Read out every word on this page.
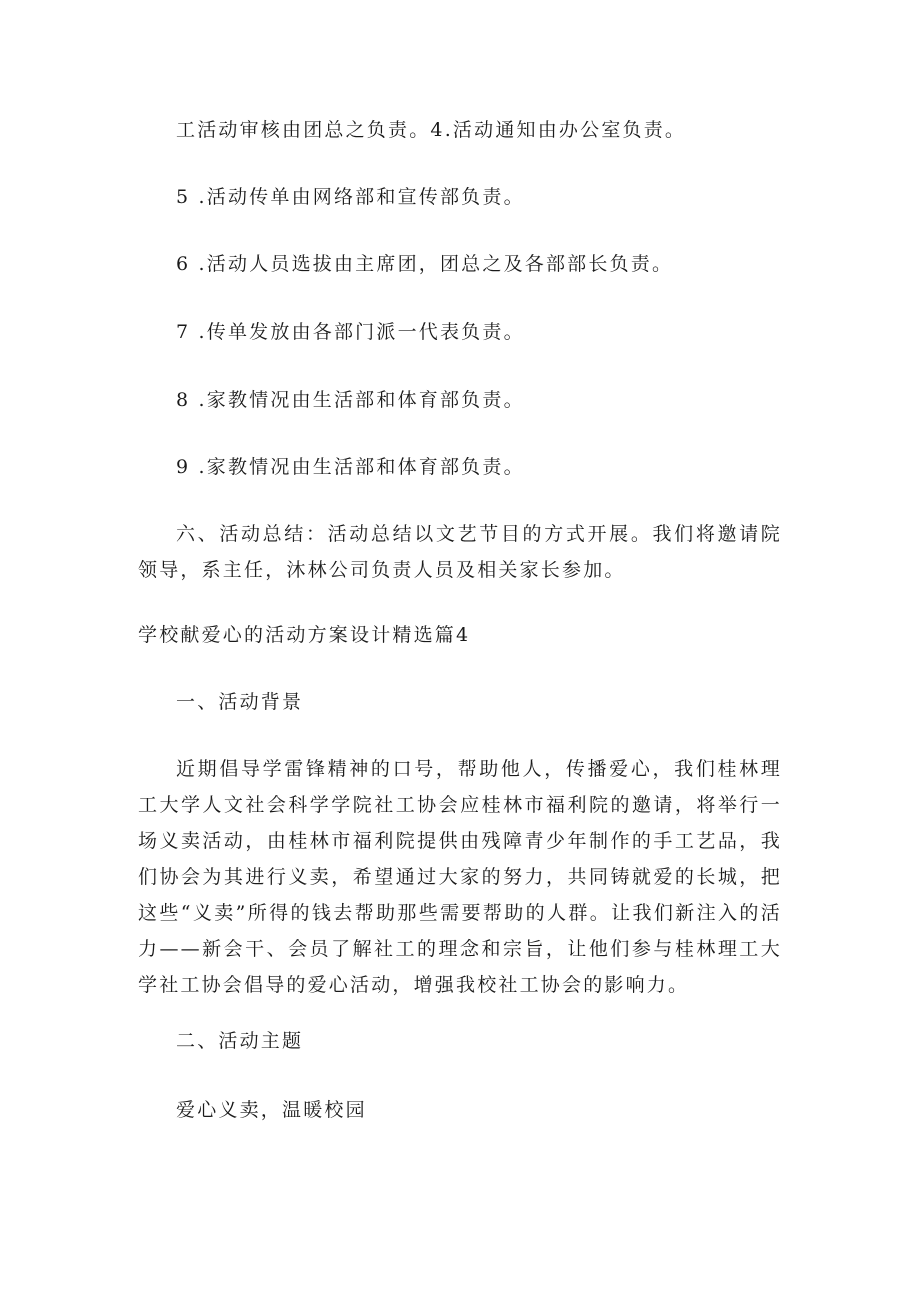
工活动审核由团总之负责。4.活动通知由办公室负责。

5 .活动传单由网络部和宣传部负责。

6 .活动人员选拔由主席团，团总之及各部部长负责。

7 .传单发放由各部门派一代表负责。

8 .家教情况由生活部和体育部负责。

9 .家教情况由生活部和体育部负责。

六、活动总结：活动总结以文艺节目的方式开展。我们将邀请院领导，系主任，沐林公司负责人员及相关家长参加。

学校献爱心的活动方案设计精选篇4

一、活动背景

近期倡导学雷锋精神的口号，帮助他人，传播爱心，我们桂林理工大学人文社会科学学院社工协会应桂林市福利院的邀请，将举行一场义卖活动，由桂林市福利院提供由残障青少年制作的手工艺品，我们协会为其进行义卖，希望通过大家的努力，共同铸就爱的长城，把这些“义卖”所得的钱去帮助那些需要帮助的人群。让我们新注入的活力——新会干、会员了解社工的理念和宗旨，让他们参与桂林理工大学社工协会倡导的爱心活动，增强我校社工协会的影响力。

二、活动主题

爱心义卖，温暖校园
